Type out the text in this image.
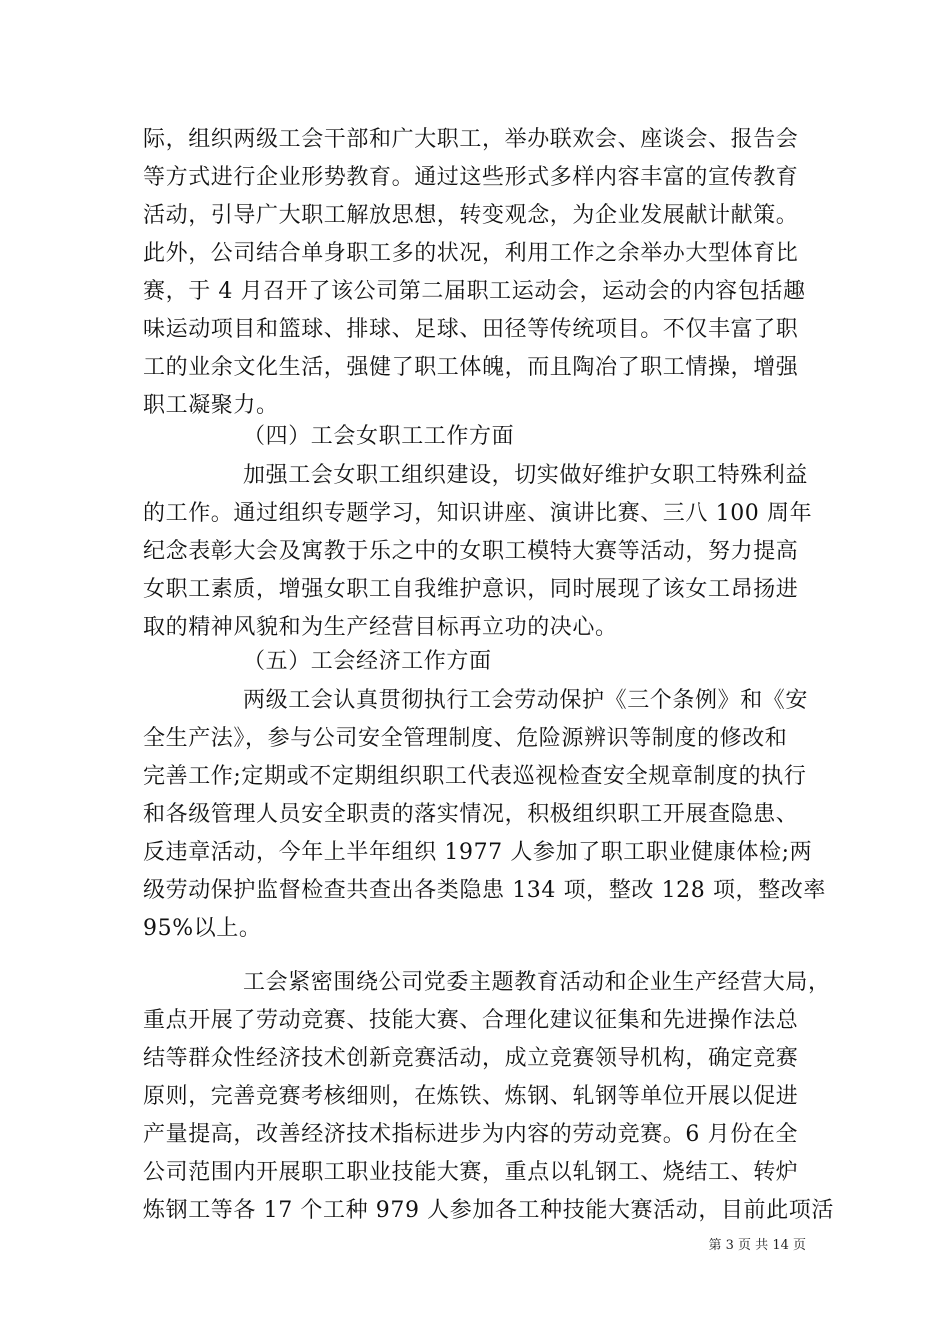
际，组织两级工会干部和广大职工，举办联欢会、座谈会、报告会
等方式进行企业形势教育。通过这些形式多样内容丰富的宣传教育
活动，引导广大职工解放思想，转变观念，为企业发展献计献策。
此外，公司结合单身职工多的状况，利用工作之余举办大型体育比
赛，于 4 月召开了该公司第二届职工运动会，运动会的内容包括趣
味运动项目和篮球、排球、足球、田径等传统项目。不仅丰富了职
工的业余文化生活，强健了职工体魄，而且陶冶了职工情操，增强
职工凝聚力。
（四）工会女职工工作方面
加强工会女职工组织建设，切实做好维护女职工特殊利益
的工作。通过组织专题学习，知识讲座、演讲比赛、三八 100 周年
纪念表彰大会及寓教于乐之中的女职工模特大赛等活动，努力提高
女职工素质，增强女职工自我维护意识，同时展现了该女工昂扬进
取的精神风貌和为生产经营目标再立功的决心。
（五）工会经济工作方面
两级工会认真贯彻执行工会劳动保护《三个条例》和《安
全生产法》，参与公司安全管理制度、危险源辨识等制度的修改和
完善工作;定期或不定期组织职工代表巡视检查安全规章制度的执行
和各级管理人员安全职责的落实情况，积极组织职工开展查隐患、
反违章活动，今年上半年组织 1977 人参加了职工职业健康体检;两
级劳动保护监督检查共查出各类隐患 134 项，整改 128 项，整改率
95%以上。
工会紧密围绕公司党委主题教育活动和企业生产经营大局，
重点开展了劳动竞赛、技能大赛、合理化建议征集和先进操作法总
结等群众性经济技术创新竞赛活动，成立竞赛领导机构，确定竞赛
原则，完善竞赛考核细则，在炼铁、炼钢、轧钢等单位开展以促进
产量提高，改善经济技术指标进步为内容的劳动竞赛。6 月份在全
公司范围内开展职工职业技能大赛，重点以轧钢工、烧结工、转炉
炼钢工等各 17 个工种 979 人参加各工种技能大赛活动，目前此项活
第 3 页 共 14 页
